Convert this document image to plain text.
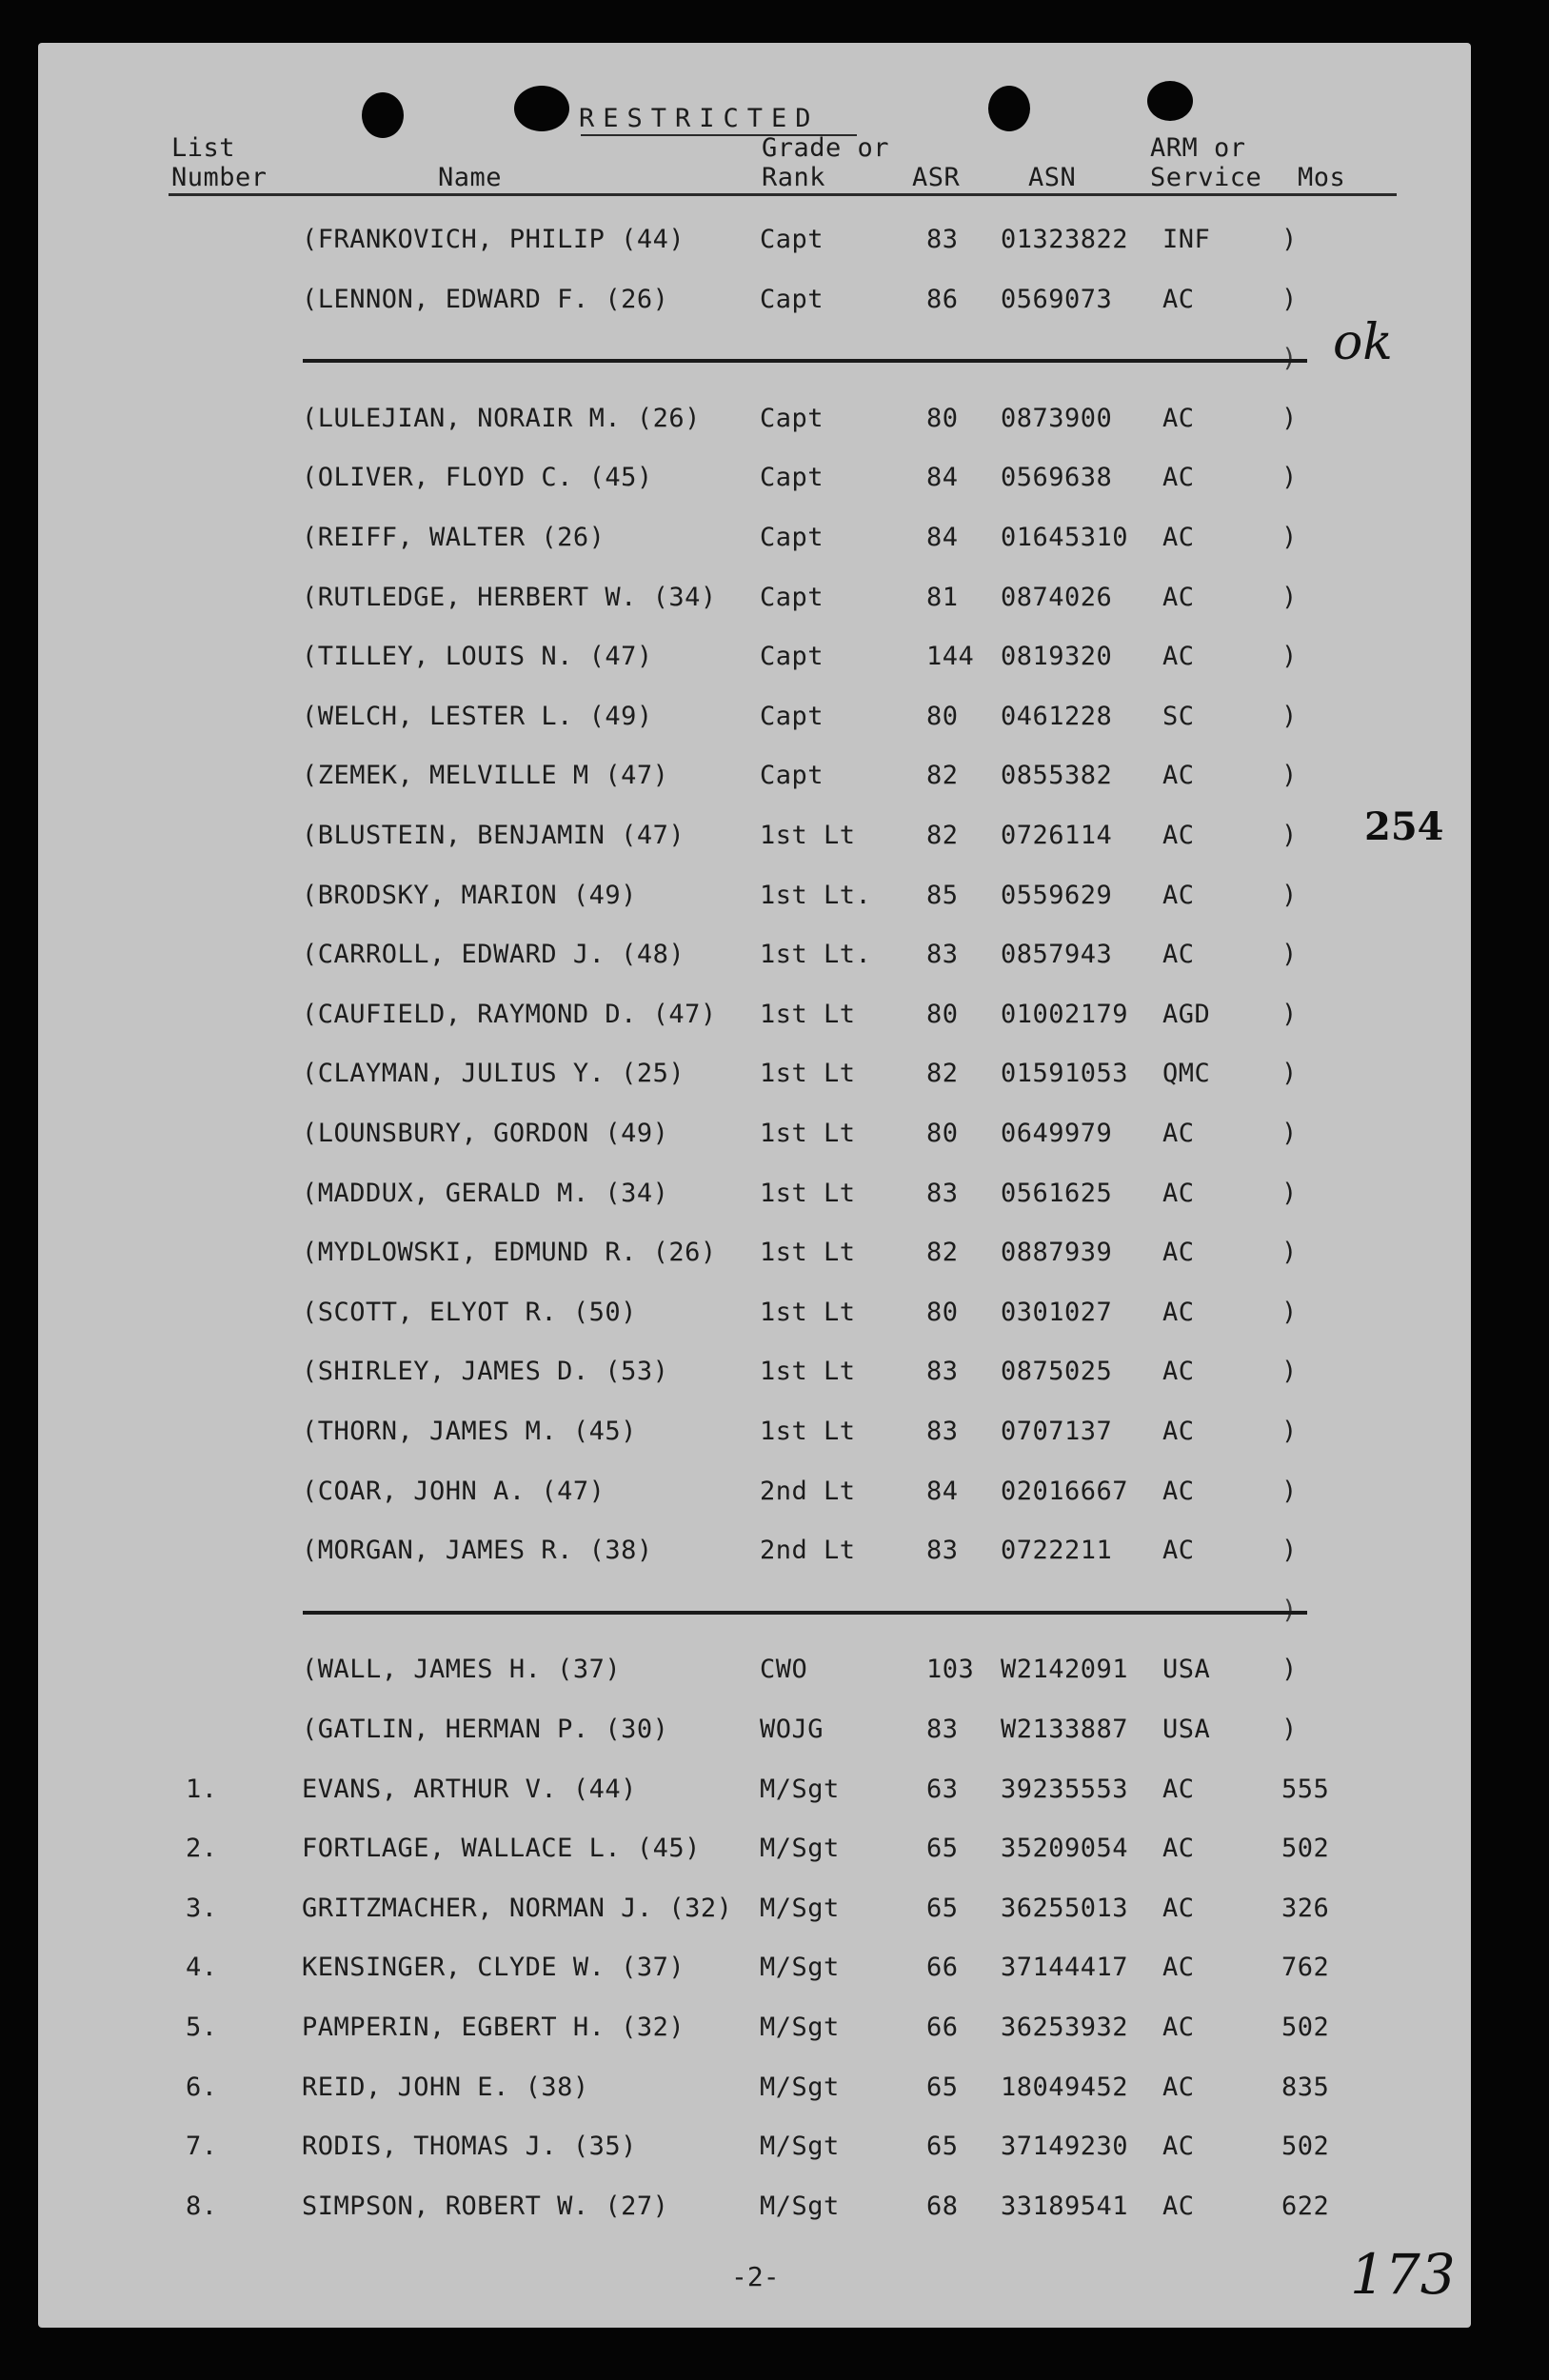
RESTRICTED
List
Number	Name
Grade or
Rank	ASR	ASN
ARM or
Service Mos
(FRANKOVICH, PHILIP (44)	Capt	83 01323822 INF	)
(LENNON, EDWARD F. (26)	Capt	86 0569073 AC	)
(LULEJIAN, NORAIR M. (26) Capt	80 0873900 AC	)
(OLIVER, FLOYD C. (45)	Capt	84 0569638 AC	)
(REIFF, WALTER (26)	Capt	84 01645310 AC	)
(RUTLEDGE, HERBERT W. (34) Capt	81 0874026 AC	)
(TILLEY, LOUIS N. (47)	Capt	144 0819320 AC	)
(WELCH, LESTER L. (49)	Capt	80 0461228 SC	)
(ZEMEK, MELVILLE M (47)	Capt	82 0855382 AC	)
(BLUSTEIN, BENJAMIN (47)	1st Lt	82 0726114 AC	)
(BRODSKY, MARION (49)	1st Lt. 85 0559629 AC	)
(CARROLL, EDWARD J. (48)	1st Lt. 83 0857943 AC	)
(CAUFIELD, RAYMOND D. (47) 1st Lt	80 01002179 AGD	)
(CLAYMAN, JULIUS Y. (25)	1st Lt	82 01591053 QMC	)
(LOUNSBURY, GORDON (49)	1st Lt	80 0649979 AC	)
(MADDUX, GERALD M. (34)	1st Lt	83 0561625 AC	)
(MYDLOWSKI, EDMUND R. (26) 1st Lt	82 0887939 AC	)
(SCOTT, ELYOT R. (50)	1st Lt	80 0301027 AC	)
(SHIRLEY, JAMES D. (53)	1st Lt	83 0875025 AC	)
(THORN, JAMES M. (45)	1st Lt	83 0707137 AC	)
(COAR, JOHN A. (47)	2nd Lt	84 02016667 AC	)
(MORGAN, JAMES R. (38)	2nd Lt	83 0722211 AC	)
(WALL, JAMES H. (37)	CWO	103 W2142091 USA	)
(GATLIN, HERMAN P. (30)	WOJG	83 W2133887 USA	)
1.	EVANS, ARTHUR V. (44)	M/Sgt	63 39235553 AC	555
2.	FORTLAGE, WALLACE L. (45) M/Sgt	65 35209054 AC	502
3.	GRITZMACHER, NORMAN J. (32) M/Sgt	65 36255013 AC	326
4.	KENSINGER, CLYDE W. (37)	M/Sgt	66 37144417 AC	762
5.	PAMPERIN, EGBERT H. (32)	M/Sgt	66 36253932 AC	502
6.	REID, JOHN E. (38)	M/Sgt	65 18049452 AC	835
7.	RODIS, THOMAS J. (35)	M/Sgt	65 37149230 AC	502
8.	SIMPSON, ROBERT W. (27)	M/Sgt	68 33189541 AC	622
ok
254
-2-	173
